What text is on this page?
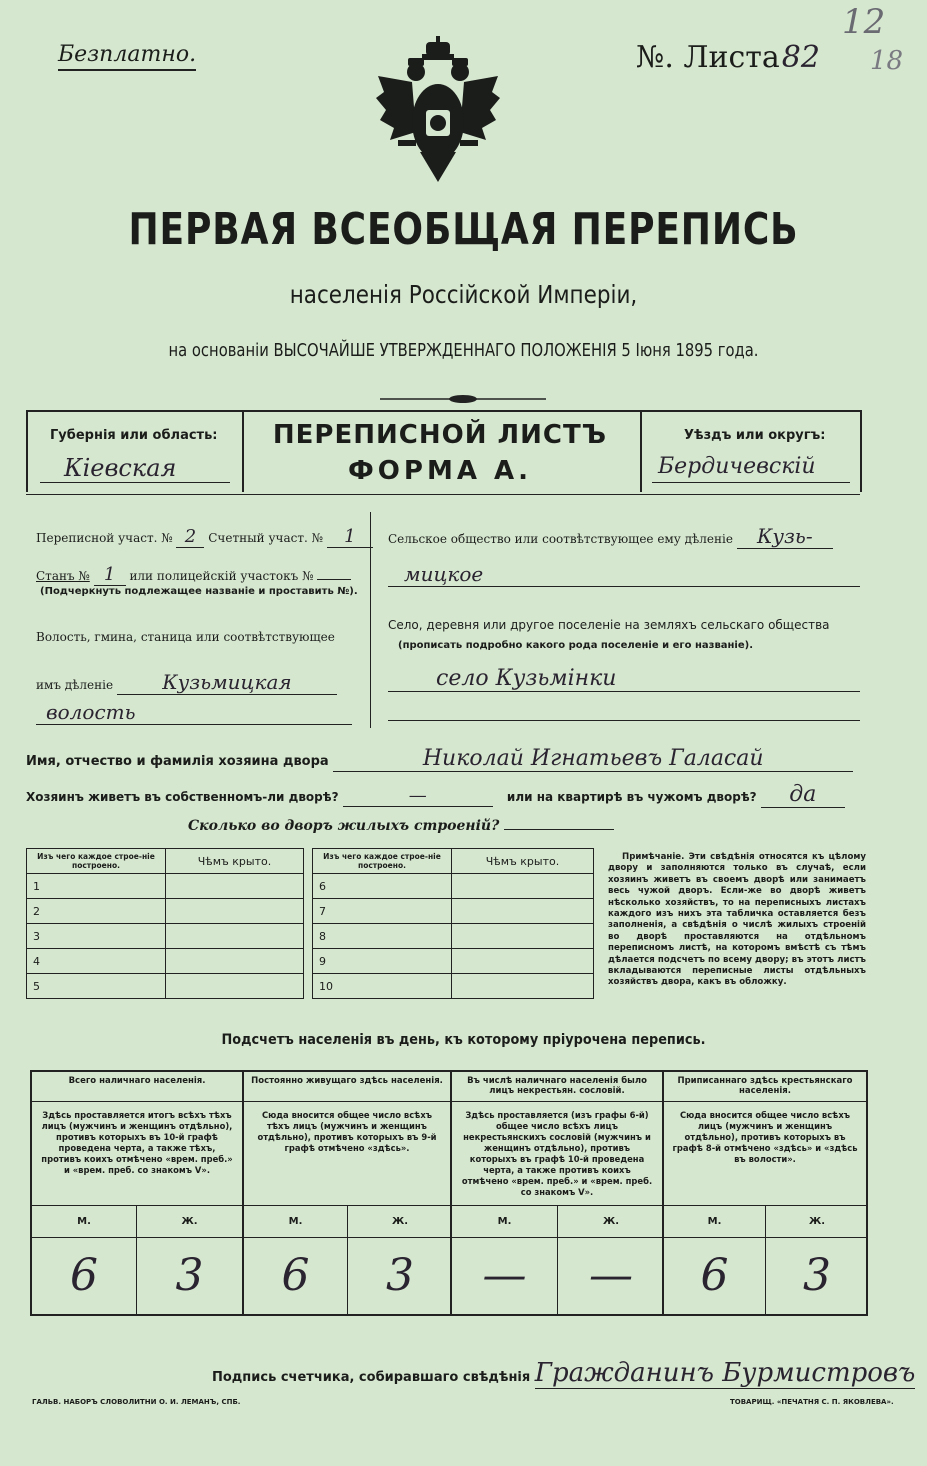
Безплатно.	№. Листа82
12
18
ПЕРВАЯ ВСЕОБЩАЯ ПЕРЕПИСЬ
населенія Россійской Имперіи,
на основаніи ВЫСОЧАЙШЕ УТВЕРЖДЕННАГО ПОЛОЖЕНІЯ 5 Іюня 1895 года.
Губернія или область:
Кіевская
ПЕРЕПИСНОЙ ЛИСТЪ
ФОРМА А.
Уѣздъ или округъ:
Бердичевскій
Переписной участ. № 2 Счетный участ. № 1
Станъ № 1 или полицейскій участокъ №
(Подчеркнуть подлежащее названіе и проставить №).
Волость, гмина, станица или соотвѣтствующее
имъ дѣленіе Кузьмицкая
волость
Сельское общество или соотвѣтствующее ему дѣленіе Кузь-
мицкое
Село, деревня или другое поселеніе на земляхъ сельскаго общества
(прописать подробно какого рода поселеніе и его названіе).
село Кузьмінки
Имя, отчество и фамилія хозяина двора	Николай Игнатьевъ Галасай
Хозяинъ живетъ въ собственномъ-ли дворѣ?	—	или на квартирѣ въ чужомъ дворѣ? да
Сколько во дворъ жилыхъ строеній?
Изъ чего каждое строе-ніе построено.	Чѣмъ крыто.
1	
2	
3	
4	
5	
Изъ чего каждое строе-ніе построено.	Чѣмъ крыто.
6	
7	
8	
9	
10	
Примѣчаніе. Эти свѣдѣнія относятся къ цѣлому двору и заполняются только въ случаѣ, если хозяинъ живетъ въ своемъ дворѣ или занимаетъ весь чужой дворъ. Если-же во дворѣ живетъ нѣсколько хозяйствъ, то на переписныхъ листахъ каждого изъ нихъ эта табличка оставляется безъ заполненія, а свѣдѣнія о числѣ жилыхъ строеній во дворѣ проставляются на отдѣльномъ переписномъ листѣ, на которомъ вмѣстѣ съ тѣмъ дѣлается подсчетъ по всему двору; въ этотъ листъ вкладываются переписные листы отдѣльныхъ хозяйствъ двора, какъ въ обложку.
Подсчетъ населенія въ день, къ которому пріурочена перепись.
Всего наличнаго населенія.
Здѣсь проставляется итогъ всѣхъ тѣхъ лицъ (мужчинъ и женщинъ отдѣльно), противъ которыхъ въ 10-й графѣ проведена черта, а также тѣхъ, противъ коихъ отмѣчено «врем. преб.» и «врем. преб. со знакомъ V».
М.	Ж.
6	3
Постоянно живущаго здѣсь населенія.
Сюда вносится общее число всѣхъ тѣхъ лицъ (мужчинъ и женщинъ отдѣльно), противъ которыхъ въ 9-й графѣ отмѣчено «здѣсь».
М.	Ж.
6	3
Въ числѣ наличнаго населенія было лицъ некрестьян. сословій.
Здѣсь проставляется (изъ графы 6-й) общее число всѣхъ лицъ некрестьянскихъ сословій (мужчинъ и женщинъ отдѣльно), противъ которыхъ въ графѣ 10-й проведена черта, а также противъ коихъ отмѣчено «врем. преб.» и «врем. преб. со знакомъ V».
М.	Ж.
—	—
Приписаннаго здѣсь крестьянскаго населенія.
Сюда вносится общее число всѣхъ лицъ (мужчинъ и женщинъ отдѣльно), противъ которыхъ въ графѣ 8-й отмѣчено «здѣсь» и «здѣсь въ волости».
М.	Ж.
6	3
Подпись счетчика, собиравшаго свѣдѣнія Гражданинъ Бурмистровъ
ГАЛЬВ. НАБОРЪ СЛОВОЛИТНИ О. И. ЛЕМАНЪ, СПБ.	ТОВАРИЩ. «ПЕЧАТНЯ С. П. ЯКОВЛЕВА».
